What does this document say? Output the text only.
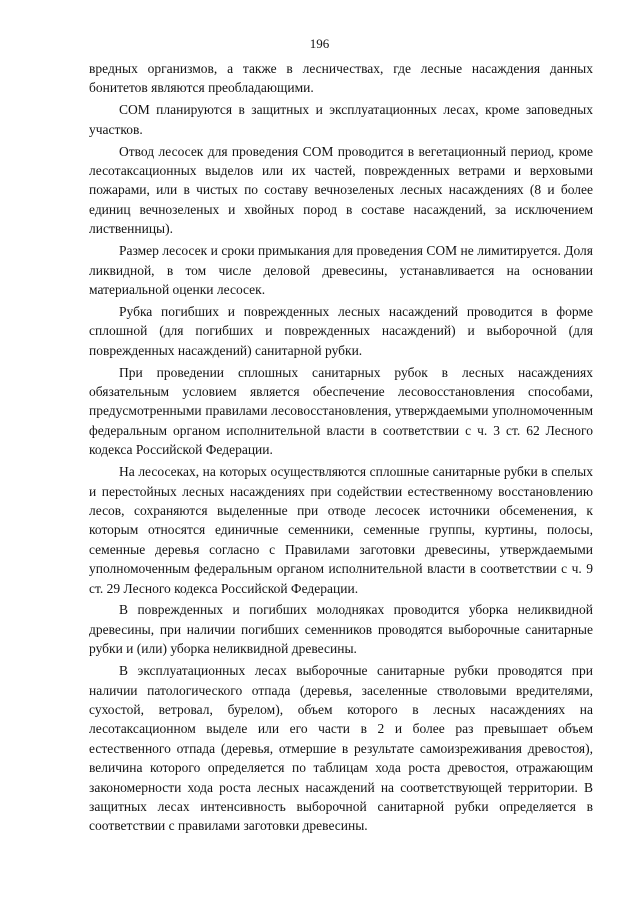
196

вредных организмов, а также в лесничествах, где лесные насаждения данных бонитетов являются преобладающими.

СОМ планируются в защитных и эксплуатационных лесах, кроме заповедных участков.

Отвод лесосек для проведения СОМ проводится в вегетационный период, кроме лесотаксационных выделов или их частей, поврежденных ветрами и верховыми пожарами, или в чистых по составу вечнозеленых лесных насаждениях (8 и более единиц вечнозеленых и хвойных пород в составе насаждений, за исключением лиственницы).

Размер лесосек и сроки примыкания для проведения СОМ не лимитируется. Доля ликвидной, в том числе деловой древесины, устанавливается на основании материальной оценки лесосек.

Рубка погибших и поврежденных лесных насаждений проводится в форме сплошной (для погибших и поврежденных насаждений) и выборочной (для поврежденных насаждений) санитарной рубки.

При проведении сплошных санитарных рубок в лесных насаждениях обязательным условием является обеспечение лесовосстановления способами, предусмотренными правилами лесовосстановления, утверждаемыми уполномоченным федеральным органом исполнительной власти в соответствии с ч. 3 ст. 62 Лесного кодекса Российской Федерации.

На лесосеках, на которых осуществляются сплошные санитарные рубки в спелых и перестойных лесных насаждениях при содействии естественному восстановлению лесов, сохраняются выделенные при отводе лесосек источники обсеменения, к которым относятся единичные семенники, семенные группы, куртины, полосы, семенные деревья согласно с Правилами заготовки древесины, утверждаемыми уполномоченным федеральным органом исполнительной власти в соответствии с ч. 9 ст. 29 Лесного кодекса Российской Федерации.

В поврежденных и погибших молодняках проводится уборка неликвидной древесины, при наличии погибших семенников проводятся выборочные санитарные рубки и (или) уборка неликвидной древесины.

В эксплуатационных лесах выборочные санитарные рубки проводятся при наличии патологического отпада (деревья, заселенные стволовыми вредителями, сухостой, ветровал, бурелом), объем которого в лесных насаждениях на лесотаксационном выделе или его части в 2 и более раз превышает объем естественного отпада (деревья, отмершие в результате самоизреживания древостоя), величина которого определяется по таблицам хода роста древостоя, отражающим закономерности хода роста лесных насаждений на соответствующей территории. В защитных лесах интенсивность выборочной санитарной рубки определяется в соответствии с правилами заготовки древесины.
